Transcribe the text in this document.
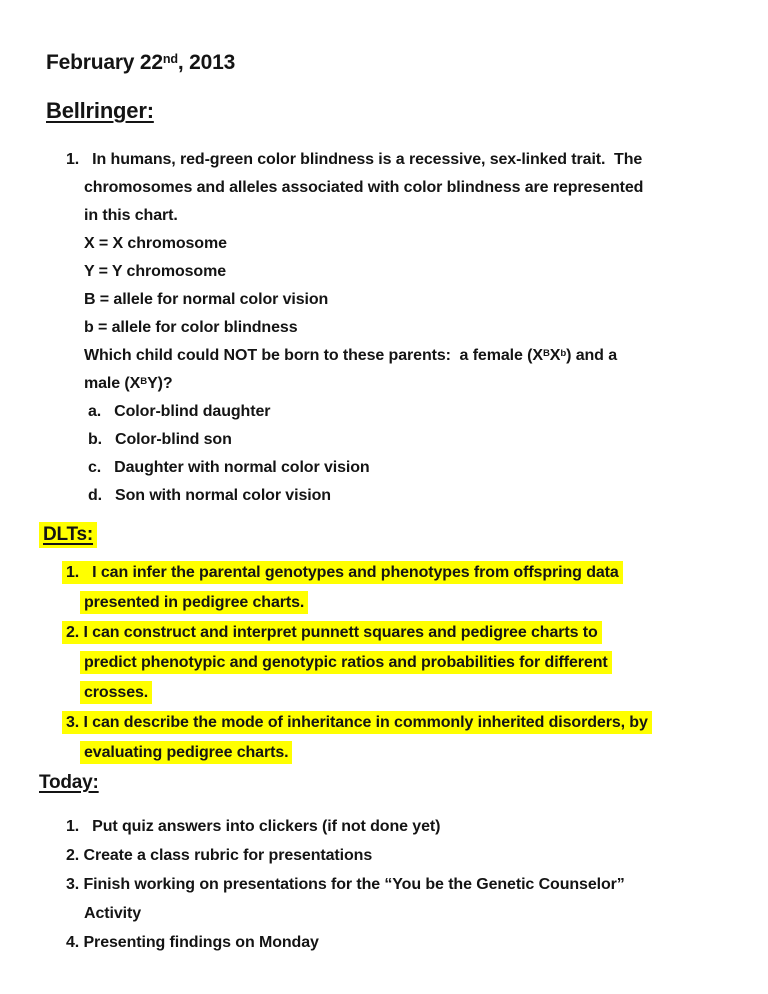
February 22nd, 2013
Bellringer:
1.   In humans, red-green color blindness is a recessive, sex-linked trait.  The
chromosomes and alleles associated with color blindness are represented
in this chart.
X = X chromosome
Y = Y chromosome
B = allele for normal color vision
b = allele for color blindness
Which child could NOT be born to these parents:  a female $(X^BX^b)$ and a
male $(X^BY)$?
a.   Color-blind daughter
b.   Color-blind son
c.   Daughter with normal color vision
d.   Son with normal color vision
DLTs:
1.   I can infer the parental genotypes and phenotypes from offspring data
presented in pedigree charts.
2. I can construct and interpret punnett squares and pedigree charts to
predict phenotypic and genotypic ratios and probabilities for different
crosses.
3. I can describe the mode of inheritance in commonly inherited disorders, by
evaluating pedigree charts.
Today:
1.   Put quiz answers into clickers (if not done yet)
2. Create a class rubric for presentations
3. Finish working on presentations for the “You be the Genetic Counselor”
Activity
4. Presenting findings on Monday
